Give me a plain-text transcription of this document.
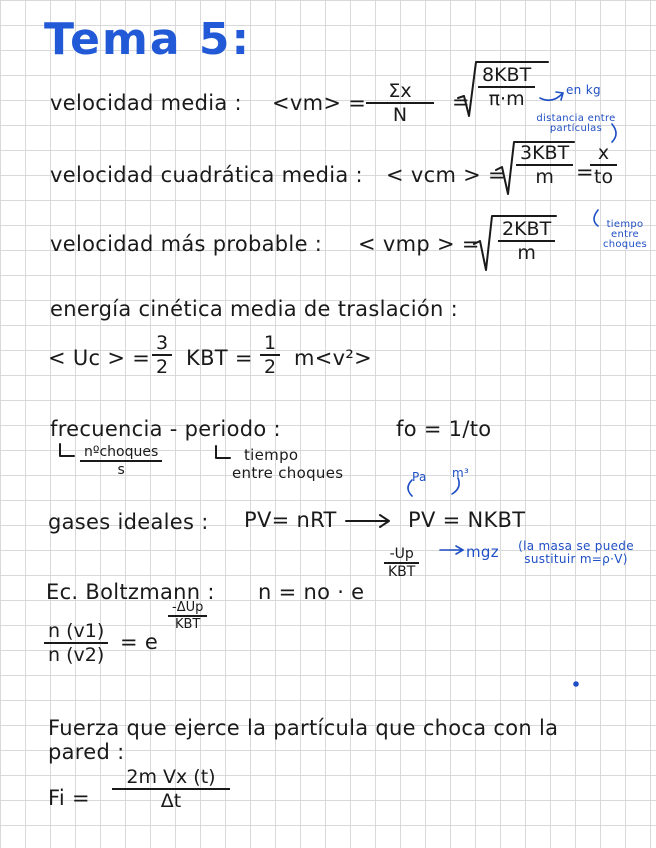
Tema 5:
velocidad media : $<vm> = \frac{\Sigma x}{N}$ =
8KBT
π·m	en kg
distancia entre partículas
velocidad cuadrática media : < vcm > =
3KBT
m	=
$\frac{x}{to}$
tiempo entre choques
velocidad más probable : < vmp > =
2KBT
m
energía cinética media de traslación :
< Uc > = $\frac{3}{2}$ KBT = $\frac{1}{2} m<v^2>$
frecuencia - periodo :	fo = 1/to
nºchoques
s
tiempo
entre choques
gases ideales : PV= nRT	PV = NKBT
Pa m³
Ec. Boltzmann : n = no · e
-Up
KBT
mgz (la masa se puede sustituir m=ρ·V)
$\frac{n (v1)}{n (v2)} = e$
-ΔUp
KBT
Fuerza que ejerce la partícula que choca con la
pared :
$Fi = \frac{\text{2m Vx (t)}}{\Delta t}$
